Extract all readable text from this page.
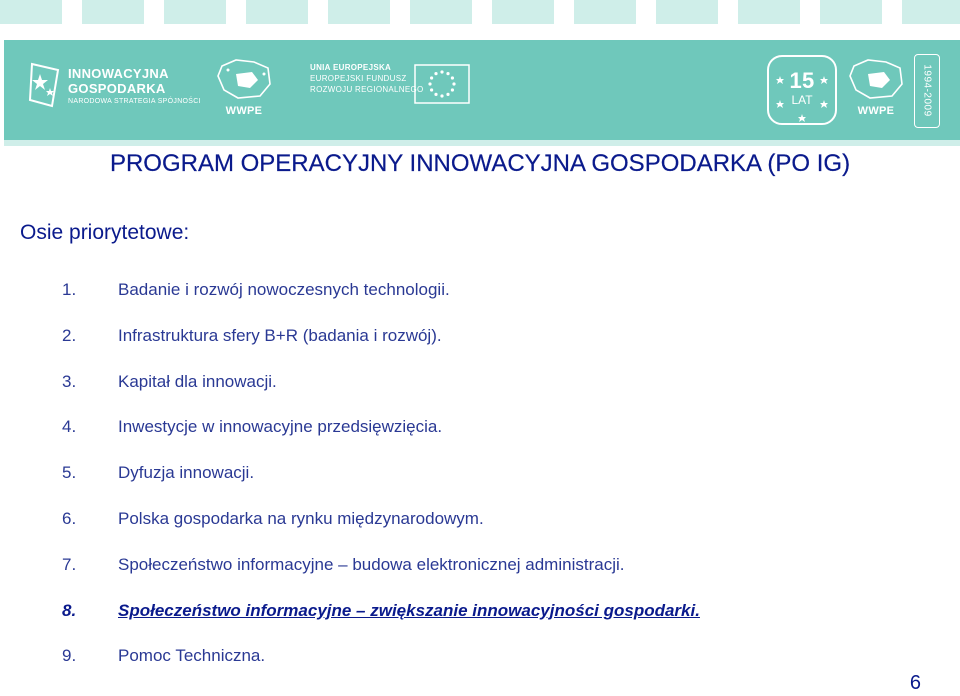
INNOWACYJNA
GOSPODARKA
NARODOWA STRATEGIA SPÓJNOŚCI
WWPE
UNIA EUROPEJSKA
EUROPEJSKI FUNDUSZ
ROZWOJU REGIONALNEGO	15
LAT
WWPE	1994-2009
PROGRAM OPERACYJNY INNOWACYJNA GOSPODARKA (PO IG)
Osie priorytetowe:
1. Badanie i rozwój nowoczesnych technologii.
2. Infrastruktura sfery B+R (badania i rozwój).
3. Kapitał dla innowacji.
4. Inwestycje w innowacyjne przedsięwzięcia.
5. Dyfuzja innowacji.
6. Polska gospodarka na rynku międzynarodowym.
7. Społeczeństwo informacyjne – budowa elektronicznej administracji.
8. Społeczeństwo informacyjne – zwiększanie innowacyjności gospodarki.
9. Pomoc Techniczna.
6
